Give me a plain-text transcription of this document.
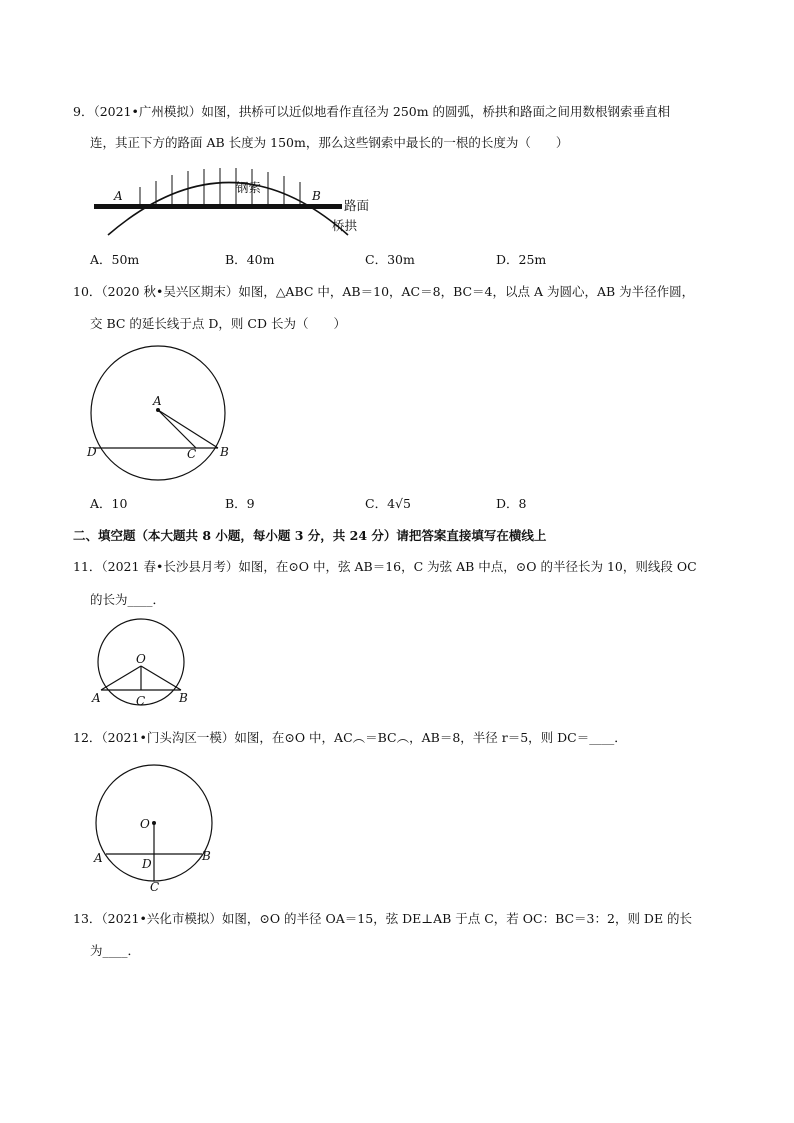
9．（2021•广州模拟）如图，拱桥可以近似地看作直径为 250m 的圆弧，桥拱和路面之间用数根钢索垂直相
连，其正下方的路面 AB 长度为 150m，那么这些钢索中最长的一根的长度为（　　）
A	B
钢索
路面
桥拱
A．50m	B．40m	C．30m	D．25m
10．（2020 秋•吴兴区期末）如图，△ABC 中，AB＝10，AC＝8，BC＝4，以点 A 为圆心，AB 为半径作圆，
交 BC 的延长线于点 D，则 CD 长为（　　）
A
B
C
D
A．10	B．9	C．4√5	D．8
二、填空题（本大题共 8 小题，每小题 3 分，共 24 分）请把答案直接填写在横线上
11．（2021 春•长沙县月考）如图，在⊙O 中，弦 AB＝16，C 为弦 AB 中点，⊙O 的半径长为 10，则线段 OC
的长为____．
O
A	B
C
12．（2021•门头沟区一模）如图，在⊙O 中，AC︵＝BC︵，AB＝8，半径 r＝5，则 DC＝____．
O
A	B
D
C
13．（2021•兴化市模拟）如图，⊙O 的半径 OA＝15，弦 DE⊥AB 于点 C，若 OC：BC＝3：2，则 DE 的长
为____．
